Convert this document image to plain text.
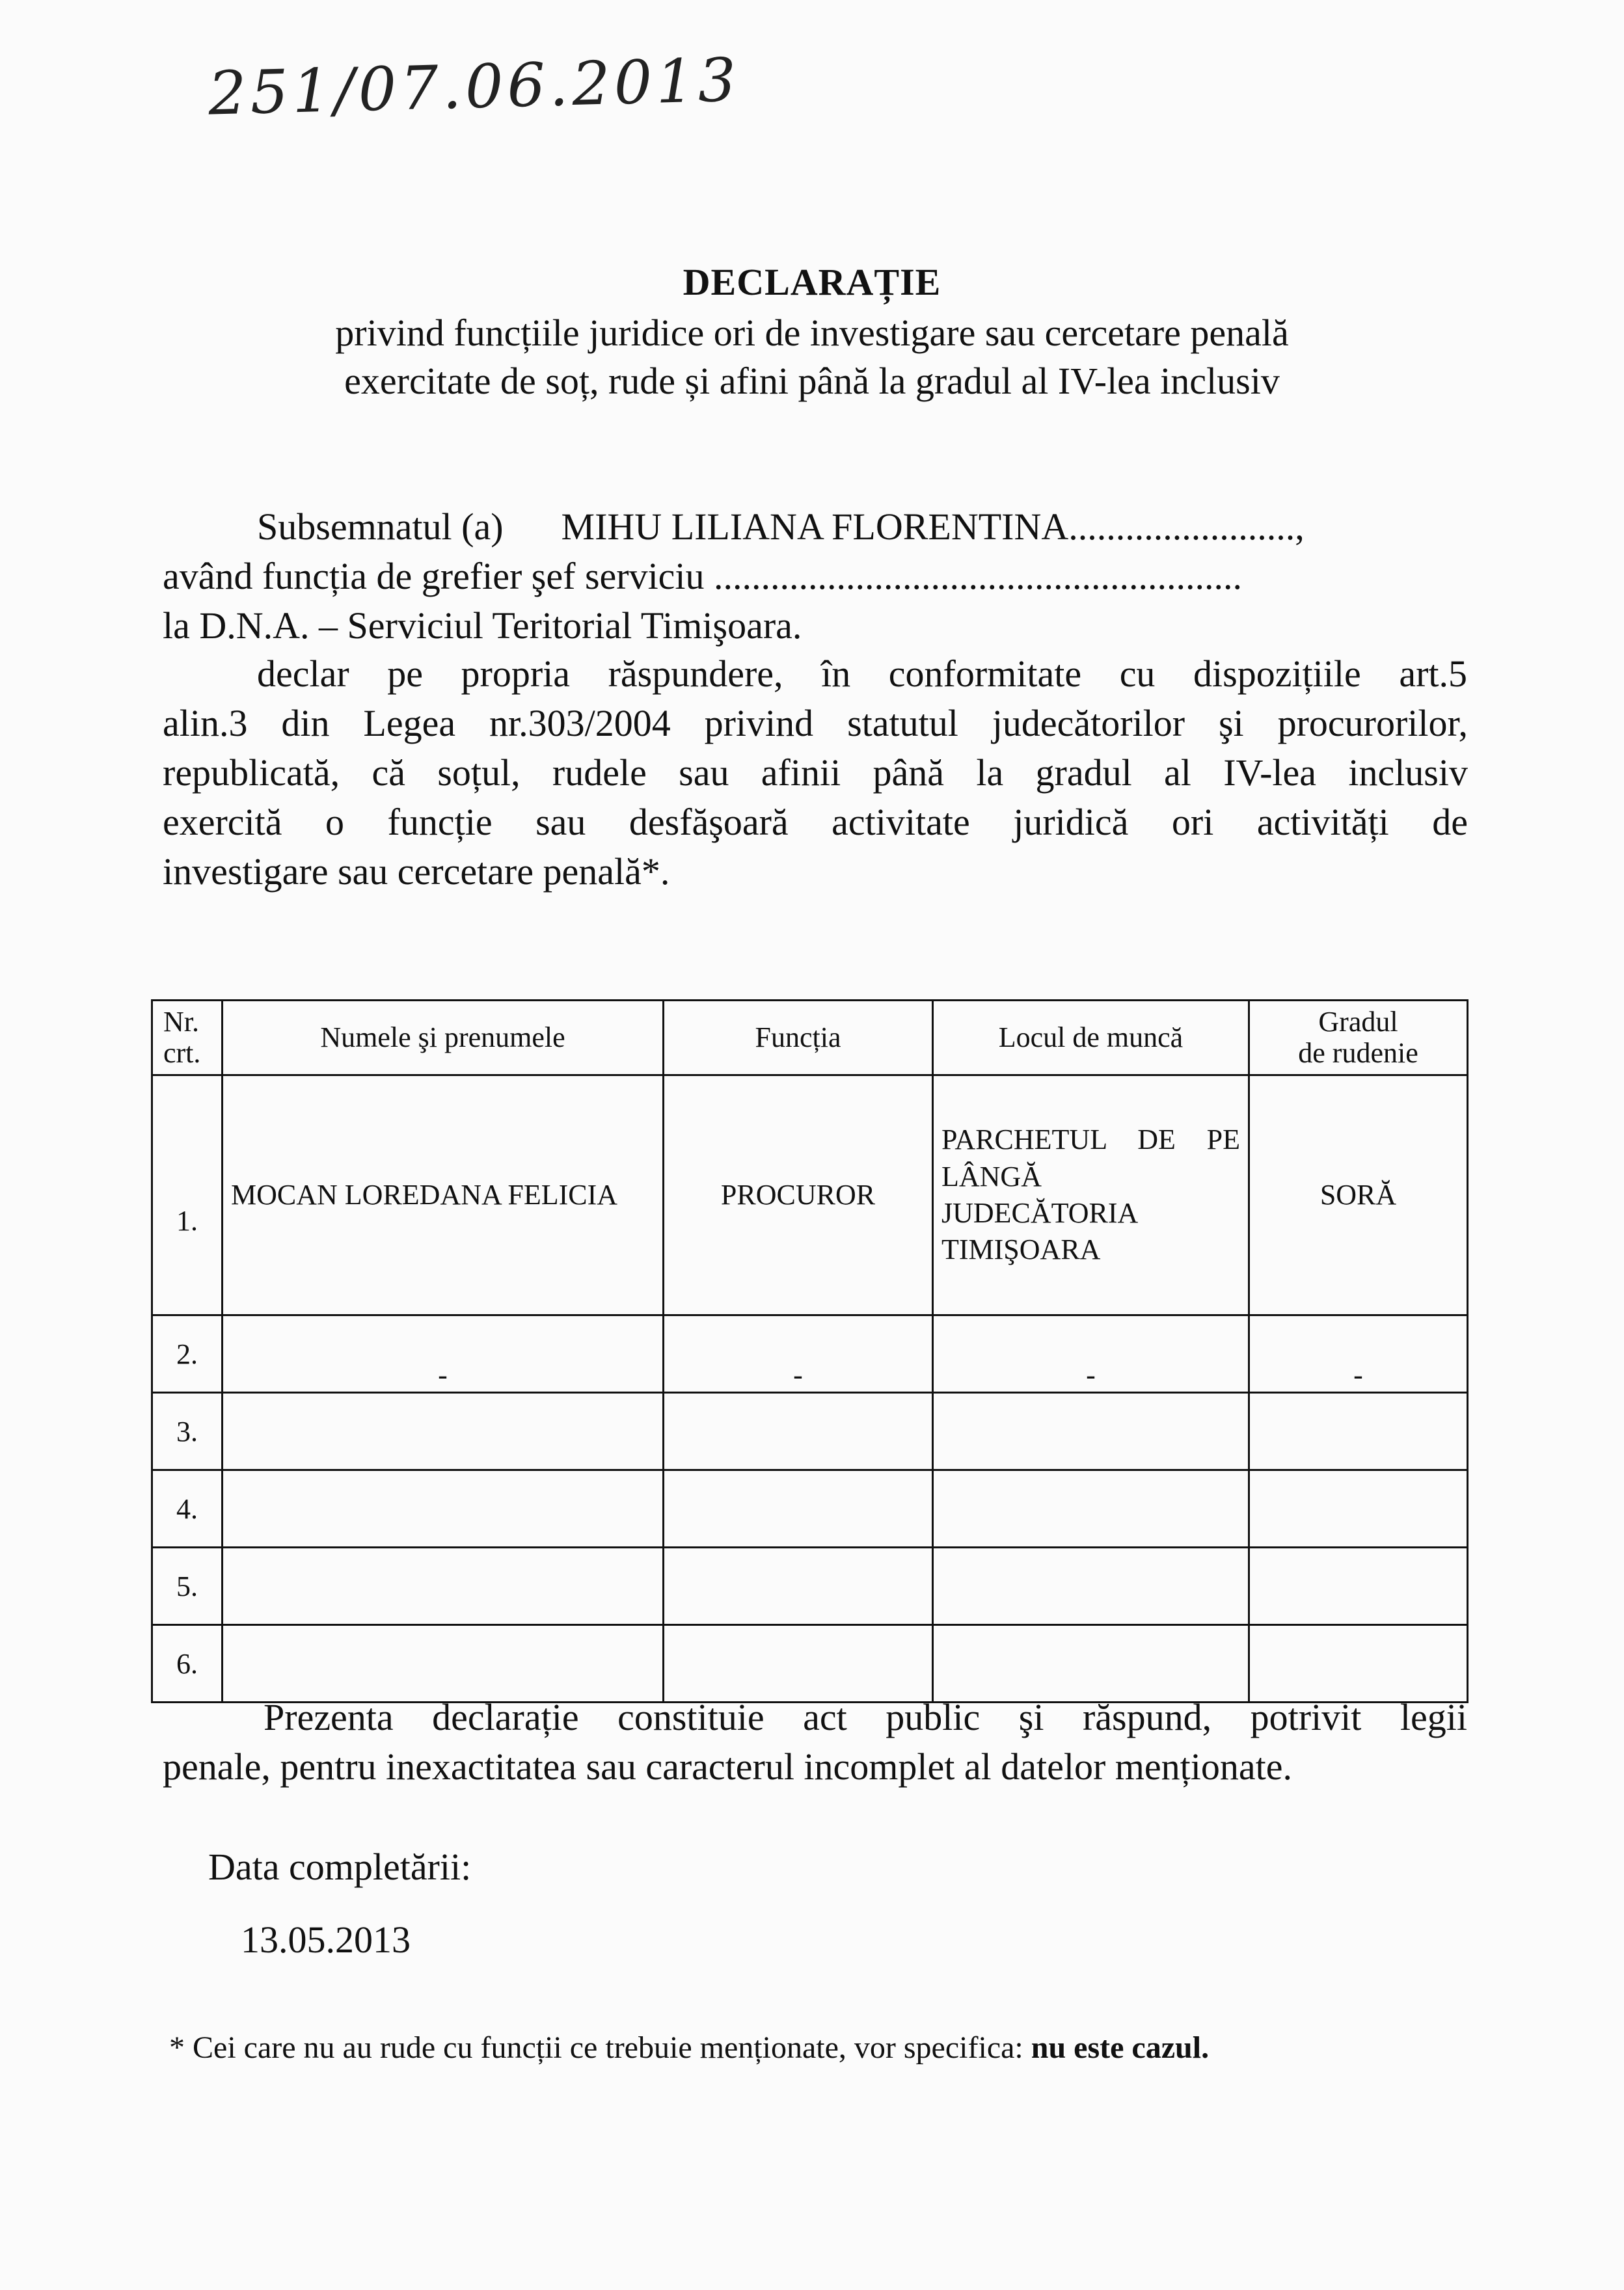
251/07.06.2013
DECLARAȚIE
privind funcțiile juridice ori de investigare sau cercetare penală
exercitate de soț, rude și afini până la gradul al IV-lea inclusiv
Subsemnatul (a) MIHU LILIANA FLORENTINA........................,
având funcția de grefier şef serviciu ........................................................
la D.N.A. – Serviciul Teritorial Timişoara.
declar pe propria răspundere, în conformitate cu dispozițiile art.5
alin.3 din Legea nr.303/2004 privind statutul judecătorilor şi procurorilor,
republicată, că soțul, rudele sau afinii până la gradul al IV-lea inclusiv
exercită o funcție sau desfăşoară activitate juridică ori activități de
investigare sau cercetare penală*.
Nr.
crt.	Numele şi prenumele	Funcția	Locul de muncă	Gradul
de rudenie
1.	MOCAN LOREDANA FELICIA	PROCUROR	PARCHETUL DE PE LÂNGĂ JUDECĂTORIA TIMIŞOARA	SORĂ
2.	-	-	-	-
3.				
4.				
5.				
6.				
Prezenta declarație constituie act public şi răspund, potrivit legii
penale, pentru inexactitatea sau caracterul incomplet al datelor menționate.
Data completării:
13.05.2013
* Cei care nu au rude cu funcții ce trebuie menționate, vor specifica: nu este cazul.
